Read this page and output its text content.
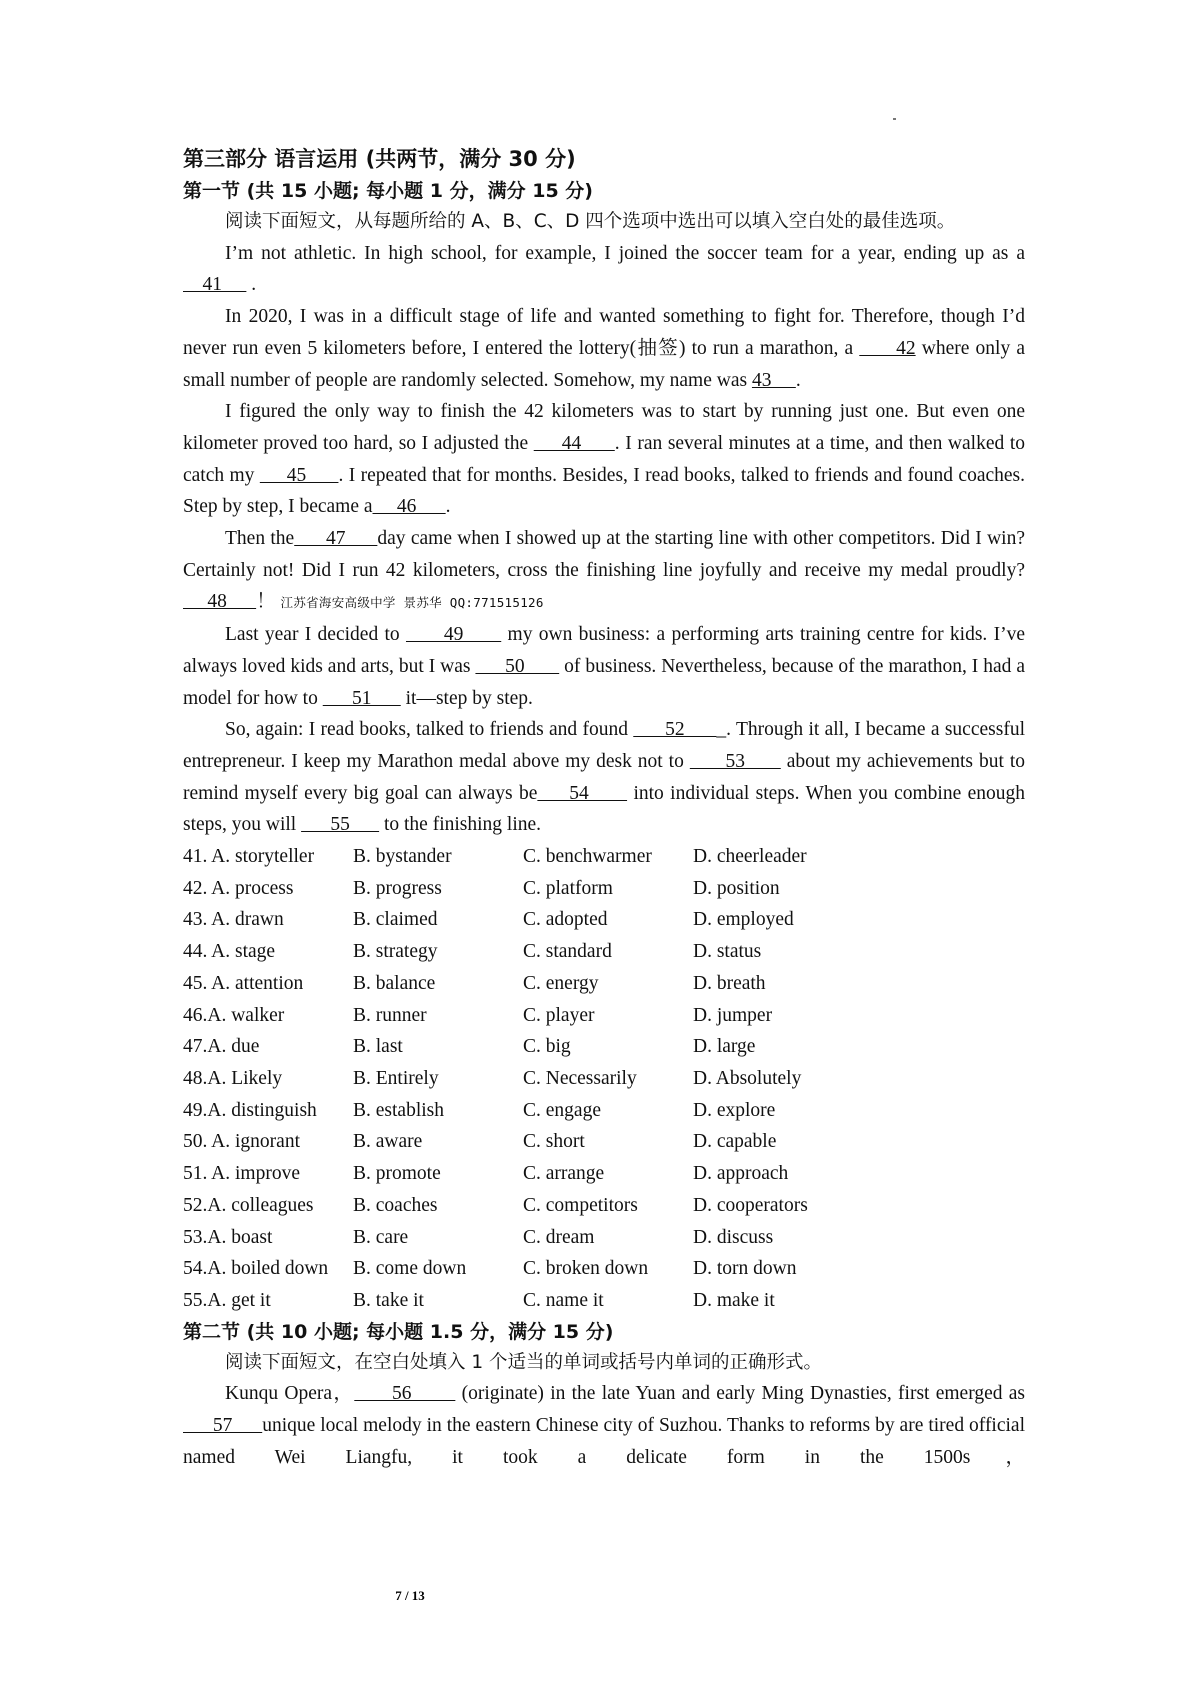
第三部分 语言运用 (共两节，满分 30 分)
第一节 (共 15 小题; 每小题 1 分，满分 15 分)
阅读下面短文，从每题所给的 A、B、C、D 四个选项中选出可以填入空白处的最佳选项。
I’m not athletic. In high school, for example, I joined the soccer team for a year, ending up as a     41      .
In 2020, I was in a difficult stage of life and wanted something to fight for. Therefore, though I’d never run even 5 kilometers before, I entered the lottery(抽签) to run a marathon, a       42 where only a small number of people are randomly selected. Somehow, my name was 43     .
I figured the only way to finish the 42 kilometers was to start by running just one. But even one kilometer proved too hard, so I adjusted the      44      . I ran several minutes at a time, and then walked to catch my      45      . I repeated that for months. Besides, I read books, talked to friends and found coaches. Step by step, I became a     46      .
Then the      47      day came when I showed up at the starting line with other competitors. Did I win? Certainly not! Did I run 42 kilometers, cross the finishing line joyfully and receive my medal proudly?      48      ！ 江苏省海安高级中学 景苏华 QQ:771515126
Last year I decided to       49       my own business: a performing arts training centre for kids. I’ve always loved kids and arts, but I was       50        of business. Nevertheless, because of the marathon, I had a model for how to       51       it—step by step.
So, again: I read books, talked to friends and found       52      _. Through it all, I became a successful entrepreneur. I keep my Marathon medal above my desk not to       53       about my achievements but to remind myself every big goal can always be     54       into individual steps. When you combine enough steps, you will       55       to the finishing line.
41. A. storyteller	B. bystander	C. benchwarmer	D. cheerleader
42. A. process	B. progress	C. platform	D. position
43. A. drawn	B. claimed	C. adopted	D. employed
44. A. stage	B. strategy	C. standard	D. status
45. A. attention	B. balance	C. energy	D. breath
46.A. walker	B. runner	C. player	D. jumper
47.A. due	B. last	C. big	D. large
48.A. Likely	B. Entirely	C. Necessarily	D. Absolutely
49.A. distinguish	B. establish	C. engage	D. explore
50. A. ignorant	B. aware	C. short	D. capable
51. A. improve	B. promote	C. arrange	D. approach
52.A. colleagues	B. coaches	C. competitors	D. cooperators
53.A. boast	B. care	C. dream	D. discuss
54.A. boiled down	B. come down	C. broken down	D. torn down
55.A. get it	B. take it	C. name it	D. make it
第二节 (共 10 小题; 每小题 1.5 分，满分 15 分)
阅读下面短文，在空白处填入 1 个适当的单词或括号内单词的正确形式。
Kunqu Opera，      56        (originate) in the late Yuan and early Ming Dynasties, first emerged as       57      unique local melody in the eastern Chinese city of Suzhou. Thanks to reforms by are tired official named Wei Liangfu, it took a delicate form in the 1500s，
7 / 13
